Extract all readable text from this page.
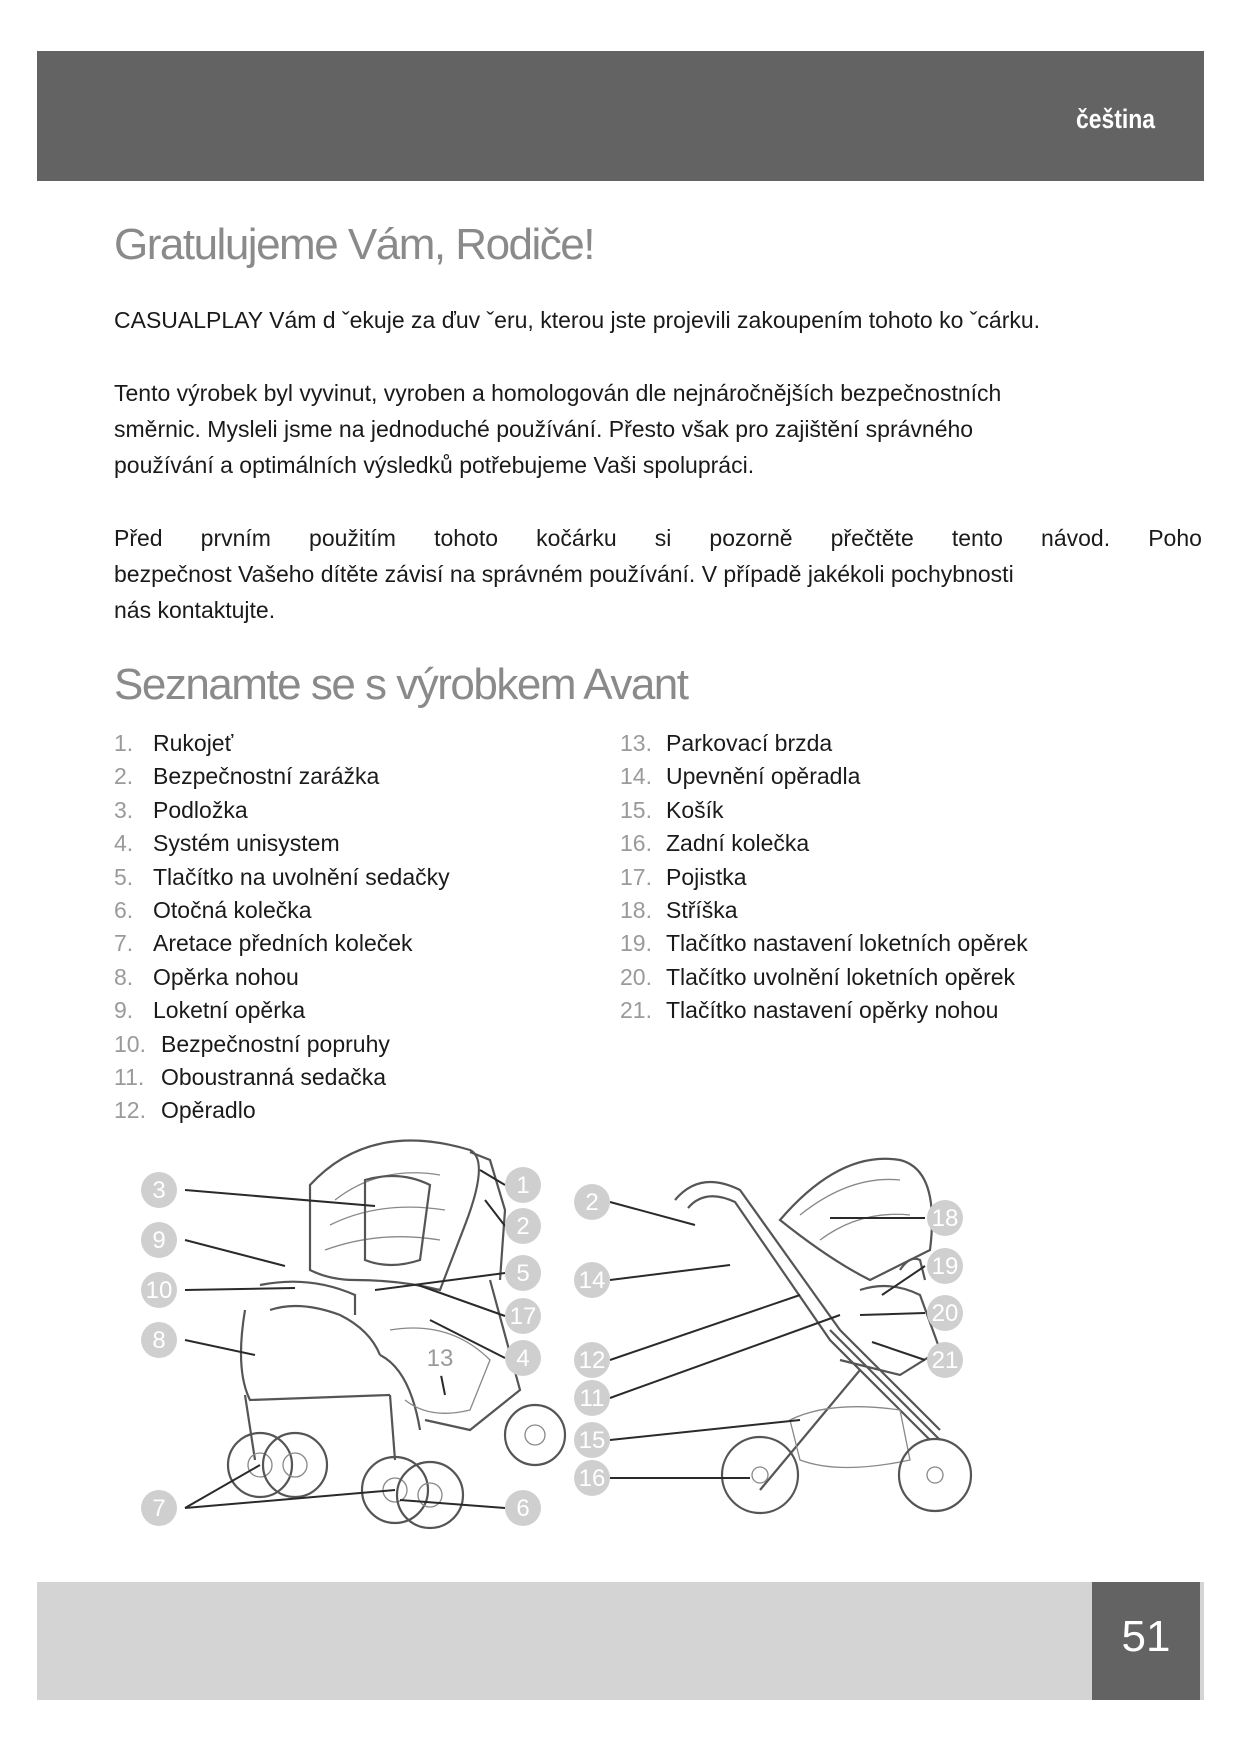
čeština
Gratulujeme Vám, Rodiče!

CASUALPLAY Vám d ˇekuje za ďuv ˇeru, kterou jste projevili zakoupením tohoto ko ˇcárku.

Tento výrobek byl vyvinut, vyroben a homologován dle nejnáročnějších bezpečnostních
směrnic. Mysleli jsme na jednoduché používání. Přesto však pro zajištění správného
používání a optimálních výsledků potřebujeme Vaši spolupráci.

Před prvním použitím tohoto kočárku si pozorně přečtěte tento návod. Poho
bezpečnost Vašeho dítěte závisí na správném používání. V případě jakékoli pochybnosti
nás kontaktujte.
Seznamte se s výrobkem Avant
1. Rukojeť
2. Bezpečnostní zarážka
3. Podložka
4. Systém unisystem
5. Tlačítko na uvolnění sedačky
6. Otočná kolečka
7. Aretace předních koleček
8. Opěrka nohou
9. Loketní opěrka
10. Bezpečnostní popruhy
11. Oboustranná sedačka
12. Opěradlo
13. Parkovací brzda
14. Upevnění opěradla
15. Košík
16. Zadní kolečka
17. Pojistka
18. Stříška
19. Tlačítko nastavení loketních opěrek
20. Tlačítko uvolnění loketních opěrek
21. Tlačítko nastavení opěrky nohou
3
9
10
8
7
1
2
5
17
4
13
6
2
14
12
11
15
16
18
19
20
21
51
